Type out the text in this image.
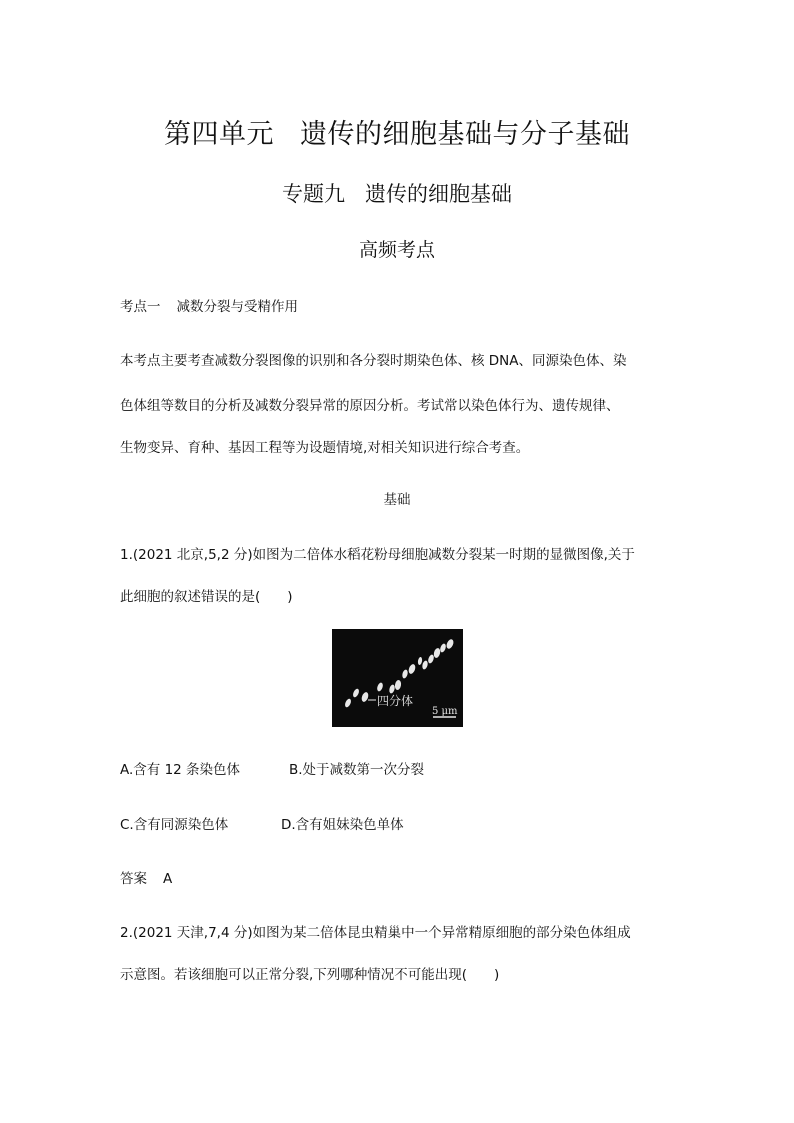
第四单元 遗传的细胞基础与分子基础
专题九 遗传的细胞基础
高频考点
考点一 减数分裂与受精作用
本考点主要考查减数分裂图像的识别和各分裂时期染色体、核 DNA、同源染色体、染
色体组等数目的分析及减数分裂异常的原因分析。考试常以染色体行为、遗传规律、
生物变异、育种、基因工程等为设题情境,对相关知识进行综合考查。
基础
1.(2021 北京,5,2 分)如图为二倍体水稻花粉母细胞减数分裂某一时期的显微图像,关于
此细胞的叙述错误的是(　　)
四分体
5 μm
A.含有 12 条染色体	B.处于减数第一次分裂
C.含有同源染色体	D.含有姐妹染色单体
答案 A
2.(2021 天津,7,4 分)如图为某二倍体昆虫精巢中一个异常精原细胞的部分染色体组成
示意图。若该细胞可以正常分裂,下列哪种情况不可能出现(　　)
